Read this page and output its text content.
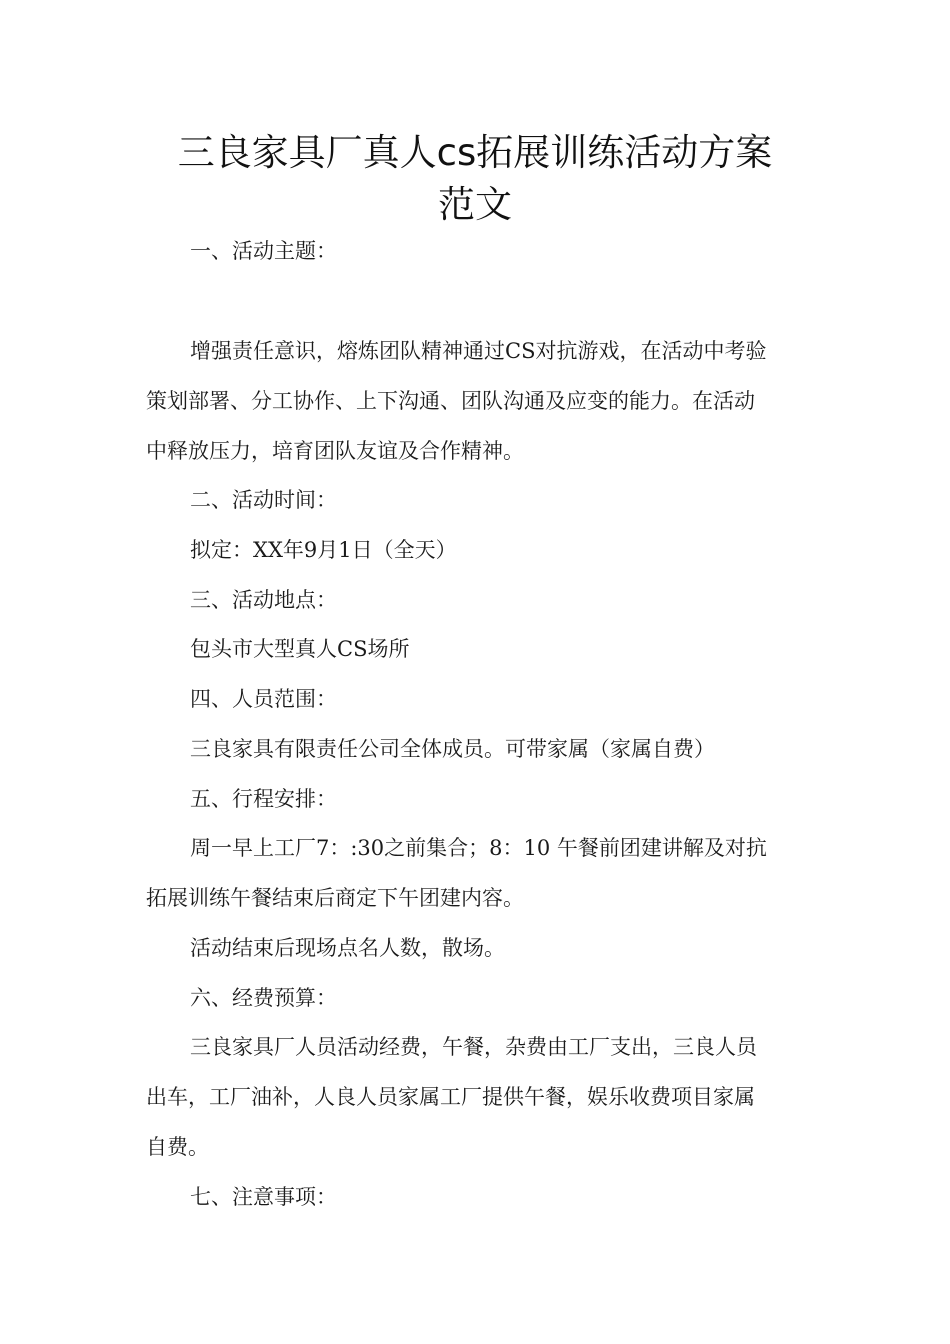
三良家具厂真人cs拓展训练活动方案
范文
一、活动主题：
增强责任意识，熔炼团队精神通过CS对抗游戏，在活动中考验
策划部署、分工协作、上下沟通、团队沟通及应变的能力。在活动
中释放压力，培育团队友谊及合作精神。
二、活动时间：
拟定：XX年9月1日（全天）
三、活动地点：
包头市大型真人CS场所
四、人员范围：
三良家具有限责任公司全体成员。可带家属（家属自费）
五、行程安排：
周一早上工厂7：:30之前集合；8：10 午餐前团建讲解及对抗
拓展训练午餐结束后商定下午团建内容。
活动结束后现场点名人数，散场。
六、经费预算：
三良家具厂人员活动经费，午餐，杂费由工厂支出，三良人员
出车，工厂油补，人良人员家属工厂提供午餐，娱乐收费项目家属
自费。
七、注意事项：
